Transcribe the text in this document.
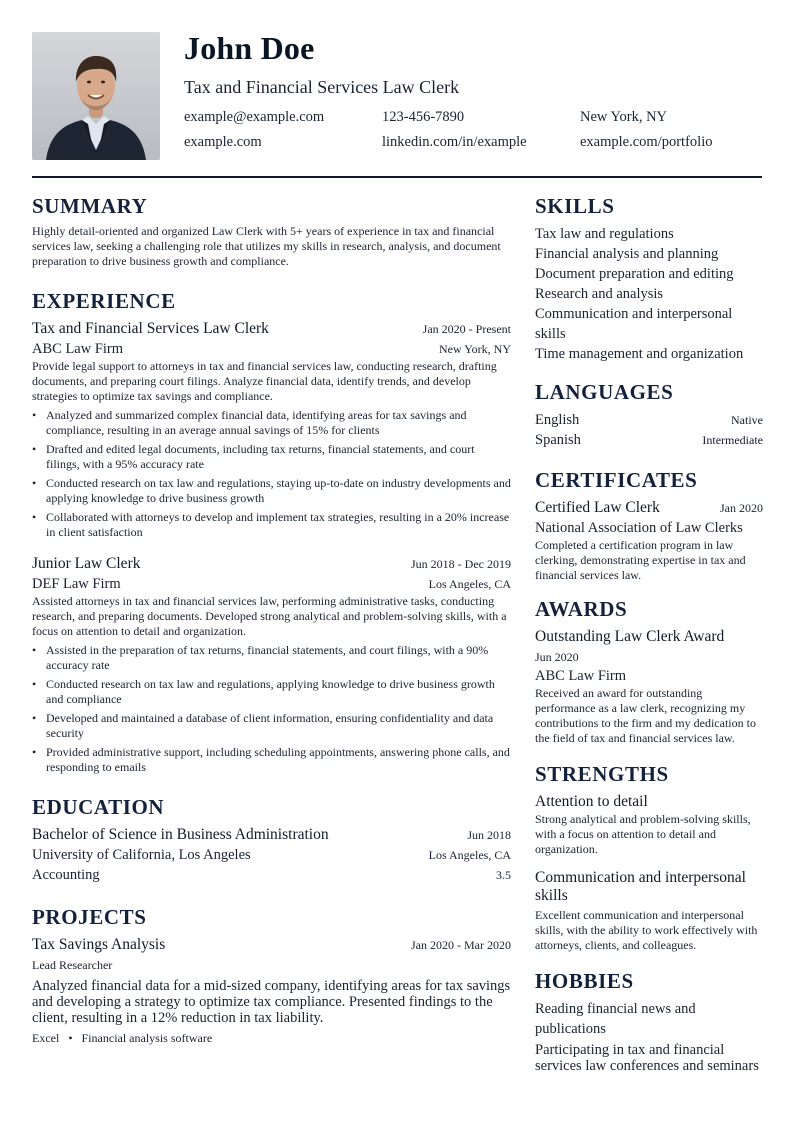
John Doe
Tax and Financial Services Law Clerk
example@example.com	123-456-7890	New York, NY
example.com	linkedin.com/in/example	example.com/portfolio
SUMMARY
Highly detail-oriented and organized Law Clerk with 5+ years of experience in tax and financial services law, seeking a challenging role that utilizes my skills in research, analysis, and document preparation to drive business growth and compliance.
EXPERIENCE
Tax and Financial Services Law Clerk	Jan 2020 - Present
ABC Law Firm	New York, NY
Provide legal support to attorneys in tax and financial services law, conducting research, drafting documents, and preparing court filings. Analyze financial data, identify trends, and develop strategies to optimize tax savings and compliance.
• Analyzed and summarized complex financial data, identifying areas for tax savings and compliance, resulting in an average annual savings of 15% for clients
• Drafted and edited legal documents, including tax returns, financial statements, and court filings, with a 95% accuracy rate
• Conducted research on tax law and regulations, staying up-to-date on industry developments and applying knowledge to drive business growth
• Collaborated with attorneys to develop and implement tax strategies, resulting in a 20% increase in client satisfaction
Junior Law Clerk	Jun 2018 - Dec 2019
DEF Law Firm	Los Angeles, CA
Assisted attorneys in tax and financial services law, performing administrative tasks, conducting research, and preparing documents. Developed strong analytical and problem-solving skills, with a focus on attention to detail and organization.
• Assisted in the preparation of tax returns, financial statements, and court filings, with a 90% accuracy rate
• Conducted research on tax law and regulations, applying knowledge to drive business growth and compliance
• Developed and maintained a database of client information, ensuring confidentiality and data security
• Provided administrative support, including scheduling appointments, answering phone calls, and responding to emails
EDUCATION
Bachelor of Science in Business Administration	Jun 2018
University of California, Los Angeles	Los Angeles, CA
Accounting	3.5
PROJECTS
Tax Savings Analysis	Jan 2020 - Mar 2020
Lead Researcher
Analyzed financial data for a mid-sized company, identifying areas for tax savings and developing a strategy to optimize tax compliance. Presented findings to the client, resulting in a 12% reduction in tax liability.
Excel • Financial analysis software
SKILLS
Tax law and regulations
Financial analysis and planning
Document preparation and editing
Research and analysis
Communication and interpersonal skills
Time management and organization
LANGUAGES
English	Native
Spanish	Intermediate
CERTIFICATES
Certified Law Clerk	Jan 2020
National Association of Law Clerks
Completed a certification program in law clerking, demonstrating expertise in tax and financial services law.
AWARDS
Outstanding Law Clerk Award
Jun 2020
ABC Law Firm
Received an award for outstanding performance as a law clerk, recognizing my contributions to the firm and my dedication to the field of tax and financial services law.
STRENGTHS
Attention to detail
Strong analytical and problem-solving skills, with a focus on attention to detail and organization.
Communication and interpersonal skills
Excellent communication and interpersonal skills, with the ability to work effectively with attorneys, clients, and colleagues.
HOBBIES
Reading financial news and publications
Participating in tax and financial services law conferences and seminars
